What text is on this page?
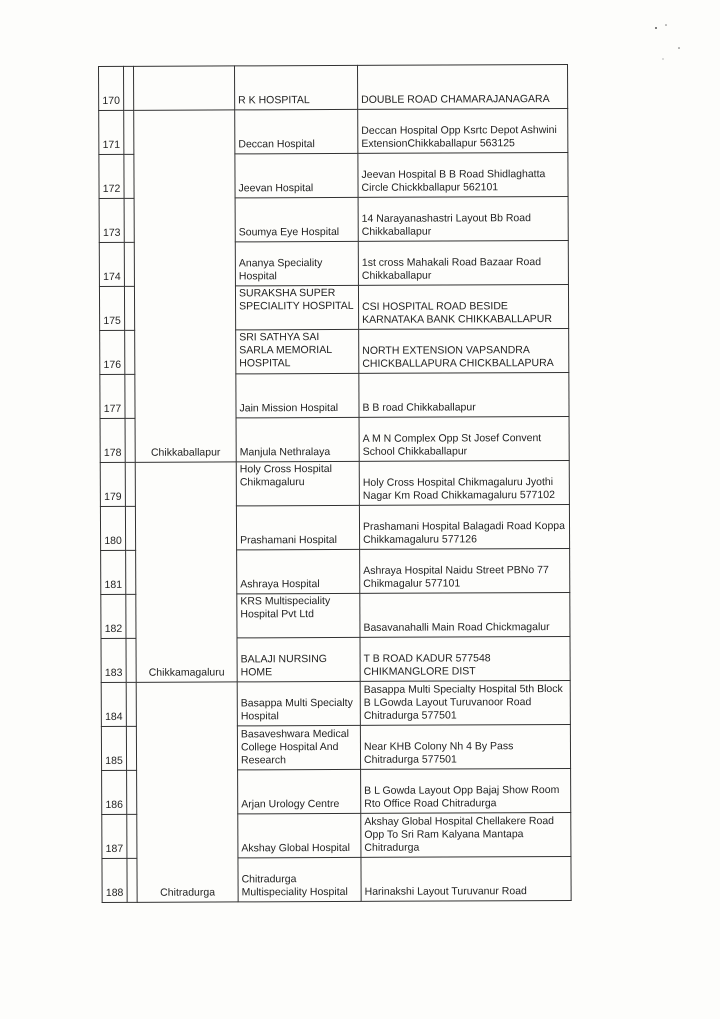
170			R K HOSPITAL	DOUBLE ROAD CHAMARAJANAGARA
171		Chikkaballapur	Deccan Hospital	Deccan Hospital Opp Ksrtc Depot Ashwini ExtensionChikkaballapur 563125
172			Jeevan Hospital	Jeevan Hospital B B Road Shidlaghatta Circle Chickkballapur 562101
173			Soumya Eye Hospital	14 Narayanashastri Layout Bb Road Chikkaballapur
174			Ananya Speciality Hospital	1st cross Mahakali Road Bazaar Road Chikkaballapur
175			SURAKSHA SUPER SPECIALITY HOSPITAL	CSI HOSPITAL ROAD BESIDE KARNATAKA BANK CHIKKABALLAPUR
176			SRI SATHYA SAI SARLA MEMORIAL HOSPITAL	NORTH EXTENSION VAPSANDRA CHICKBALLAPURA CHICKBALLAPURA
177			Jain Mission Hospital	B B road Chikkaballapur
178			Manjula Nethralaya	A M N Complex Opp St Josef Convent School Chikkaballapur
179		Chikkamagaluru	Holy Cross Hospital Chikmagaluru	Holy Cross Hospital Chikmagaluru Jyothi Nagar Km Road Chikkamagaluru 577102
180			Prashamani Hospital	Prashamani Hospital Balagadi Road Koppa Chikkamagaluru 577126
181			Ashraya Hospital	Ashraya Hospital Naidu Street PBNo 77 Chikmagalur 577101
182			KRS Multispeciality Hospital Pvt Ltd	Basavanahalli Main Road Chickmagalur
183			BALAJI NURSING HOME	T B ROAD KADUR 577548 CHIKMANGLORE DIST
184		Chitradurga	Basappa Multi Specialty Hospital	Basappa Multi Specialty Hospital 5th Block B LGowda Layout Turuvanoor Road Chitradurga 577501
185			Basaveshwara Medical College Hospital And Research	Near KHB Colony Nh 4 By Pass Chitradurga 577501
186			Arjan Urology Centre	B L Gowda Layout Opp Bajaj Show Room Rto Office Road Chitradurga
187			Akshay Global Hospital	Akshay Global Hospital Chellakere Road Opp To Sri Ram Kalyana Mantapa Chitradurga
188			Chitradurga Multispeciality Hospital	Harinakshi Layout Turuvanur Road
